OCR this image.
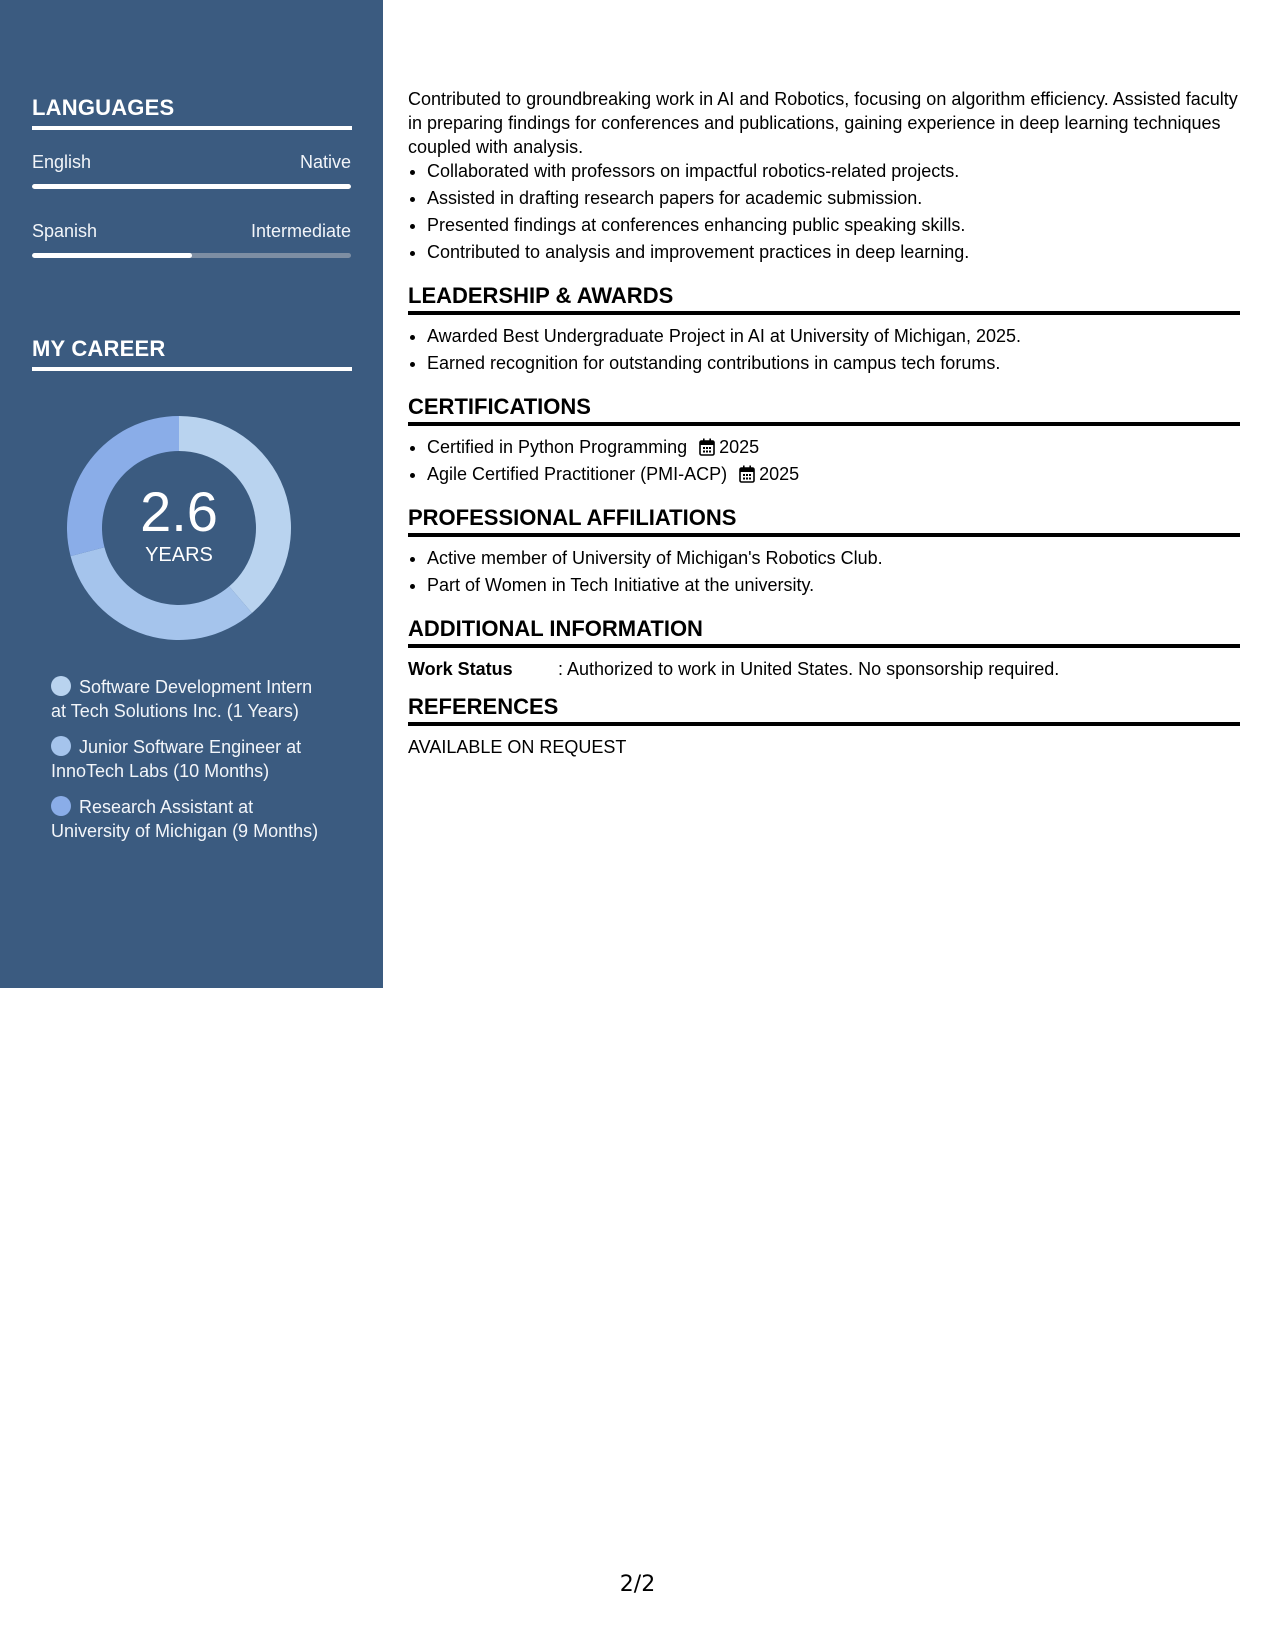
LANGUAGES
English	Native
Spanish	Intermediate
MY CAREER
2.6
YEARS
Software Development Intern at Tech Solutions Inc. (1 Years)
Junior Software Engineer at InnoTech Labs (10 Months)
Research Assistant at University of Michigan (9 Months)

Contributed to groundbreaking work in AI and Robotics, focusing on algorithm efficiency. Assisted faculty in preparing findings for conferences and publications, gaining experience in deep learning techniques coupled with analysis.

• Collaborated with professors on impactful robotics-related projects.
• Assisted in drafting research papers for academic submission.
• Presented findings at conferences enhancing public speaking skills.
• Contributed to analysis and improvement practices in deep learning.
LEADERSHIP & AWARDS
• Awarded Best Undergraduate Project in AI at University of Michigan, 2025.
• Earned recognition for outstanding contributions in campus tech forums.
CERTIFICATIONS
• Certified in Python Programming 2025
• Agile Certified Practitioner (PMI-ACP) 2025
PROFESSIONAL AFFILIATIONS
• Active member of University of Michigan's Robotics Club.
• Part of Women in Tech Initiative at the university.
ADDITIONAL INFORMATION
Work Status	: Authorized to work in United States. No sponsorship required.
REFERENCES
AVAILABLE ON REQUEST
2/2
